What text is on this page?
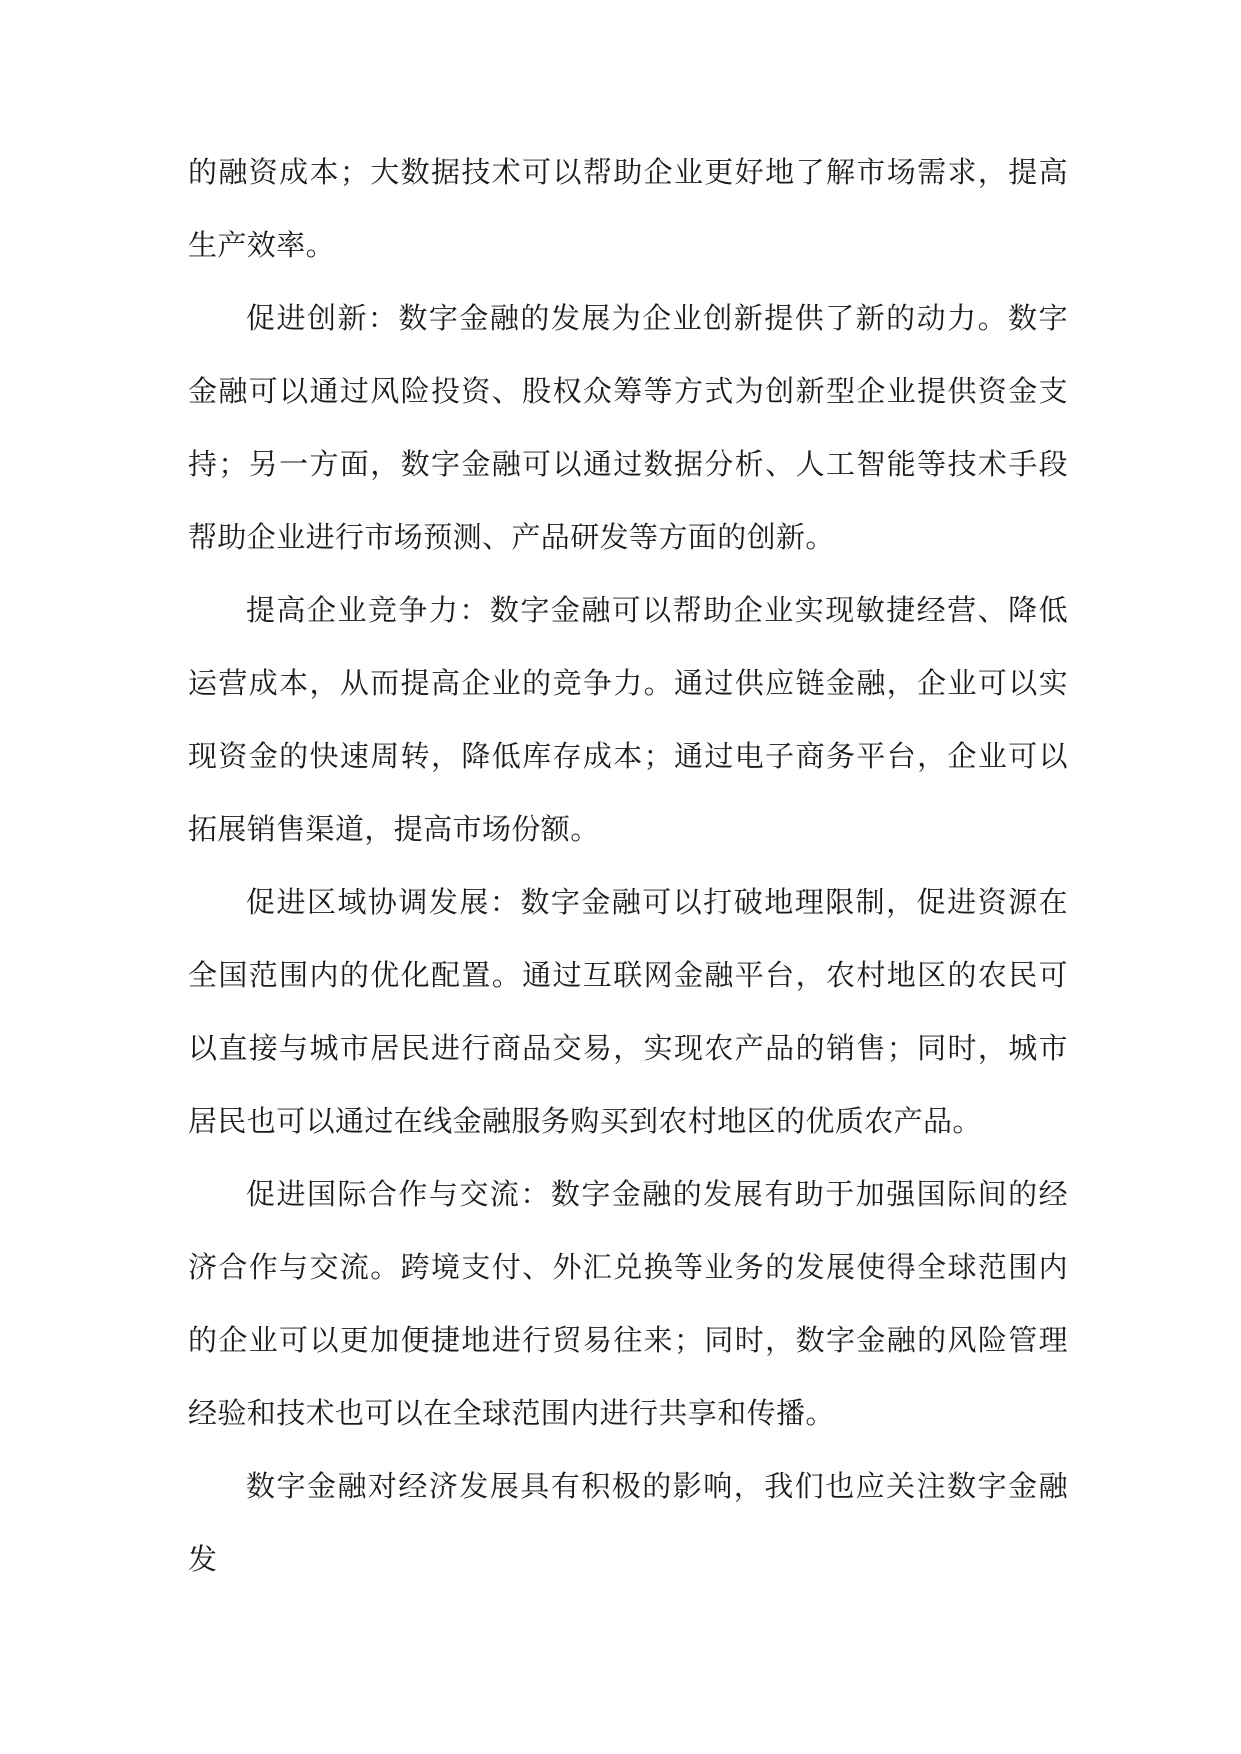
的融资成本；大数据技术可以帮助企业更好地了解市场需求，提高生产效率。

促进创新：数字金融的发展为企业创新提供了新的动力。数字金融可以通过风险投资、股权众筹等方式为创新型企业提供资金支持；另一方面，数字金融可以通过数据分析、人工智能等技术手段帮助企业进行市场预测、产品研发等方面的创新。

提高企业竞争力：数字金融可以帮助企业实现敏捷经营、降低运营成本，从而提高企业的竞争力。通过供应链金融，企业可以实现资金的快速周转，降低库存成本；通过电子商务平台，企业可以拓展销售渠道，提高市场份额。

促进区域协调发展：数字金融可以打破地理限制，促进资源在全国范围内的优化配置。通过互联网金融平台，农村地区的农民可以直接与城市居民进行商品交易，实现农产品的销售；同时，城市居民也可以通过在线金融服务购买到农村地区的优质农产品。

促进国际合作与交流：数字金融的发展有助于加强国际间的经济合作与交流。跨境支付、外汇兑换等业务的发展使得全球范围内的企业可以更加便捷地进行贸易往来；同时，数字金融的风险管理经验和技术也可以在全球范围内进行共享和传播。

数字金融对经济发展具有积极的影响，我们也应关注数字金融发
